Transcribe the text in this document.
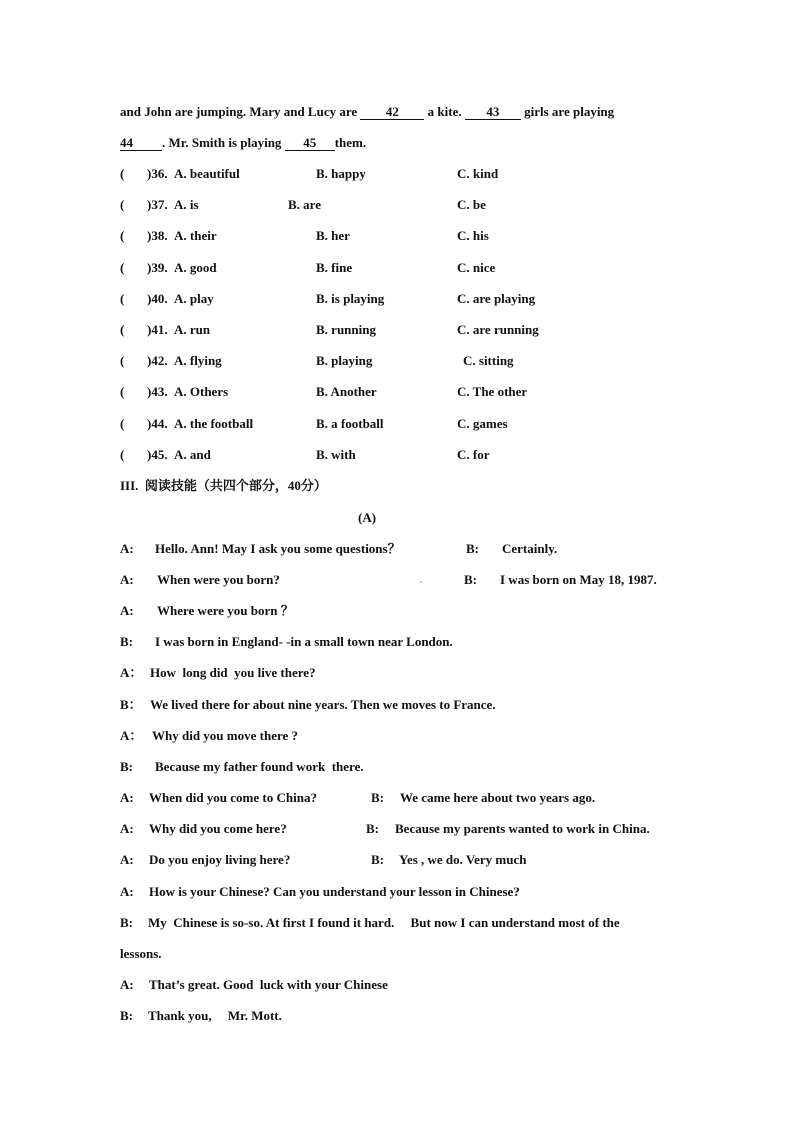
and John are jumping. Mary and Lucy are 42 a kite. 43 girls are playing
44 . Mr. Smith is playing 45 them.
( )36. A. beautiful	B. happy	C. kind
( )37. A. is	B. are	C. be
( )38. A. their	B. her	C. his
( )39. A. good	B. fine	C. nice
( )40. A. play	B. is playing	C. are playing
( )41. A. run	B. running	C. are running
( )42. A. flying	B. playing	C. sitting
( )43. A. Others	B. Another	C. The other
( )44. A. the football	B. a football	C. games
( )45. A. and	B. with	C. for
III.  阅读技能（共四个部分，40分）
(A)
A: Hello. Ann! May I ask you some questions？	B: Certainly.
A: When were you born?	.	B: I was born on May 18, 1987.
A: Where were you born ？
B: I was born in England- -in a small town near London.
A： How  long did  you live there?
B： We lived there for about nine years. Then we moves to France.
A： Why did you move there ?
B: Because my father found work  there.
A: When did you come to China?	B: We came here about two years ago.
A: Why did you come here?	B: Because my parents wanted to work in China.
A: Do you enjoy living here?	B: Yes , we do. Very much
A: How is your Chinese? Can you understand your lesson in Chinese?
B: My  Chinese is so-so. At first I found it hard.     But now I can understand most of the
lessons.
A: That’s great. Good  luck with your Chinese
B: Thank you,     Mr. Mott.
